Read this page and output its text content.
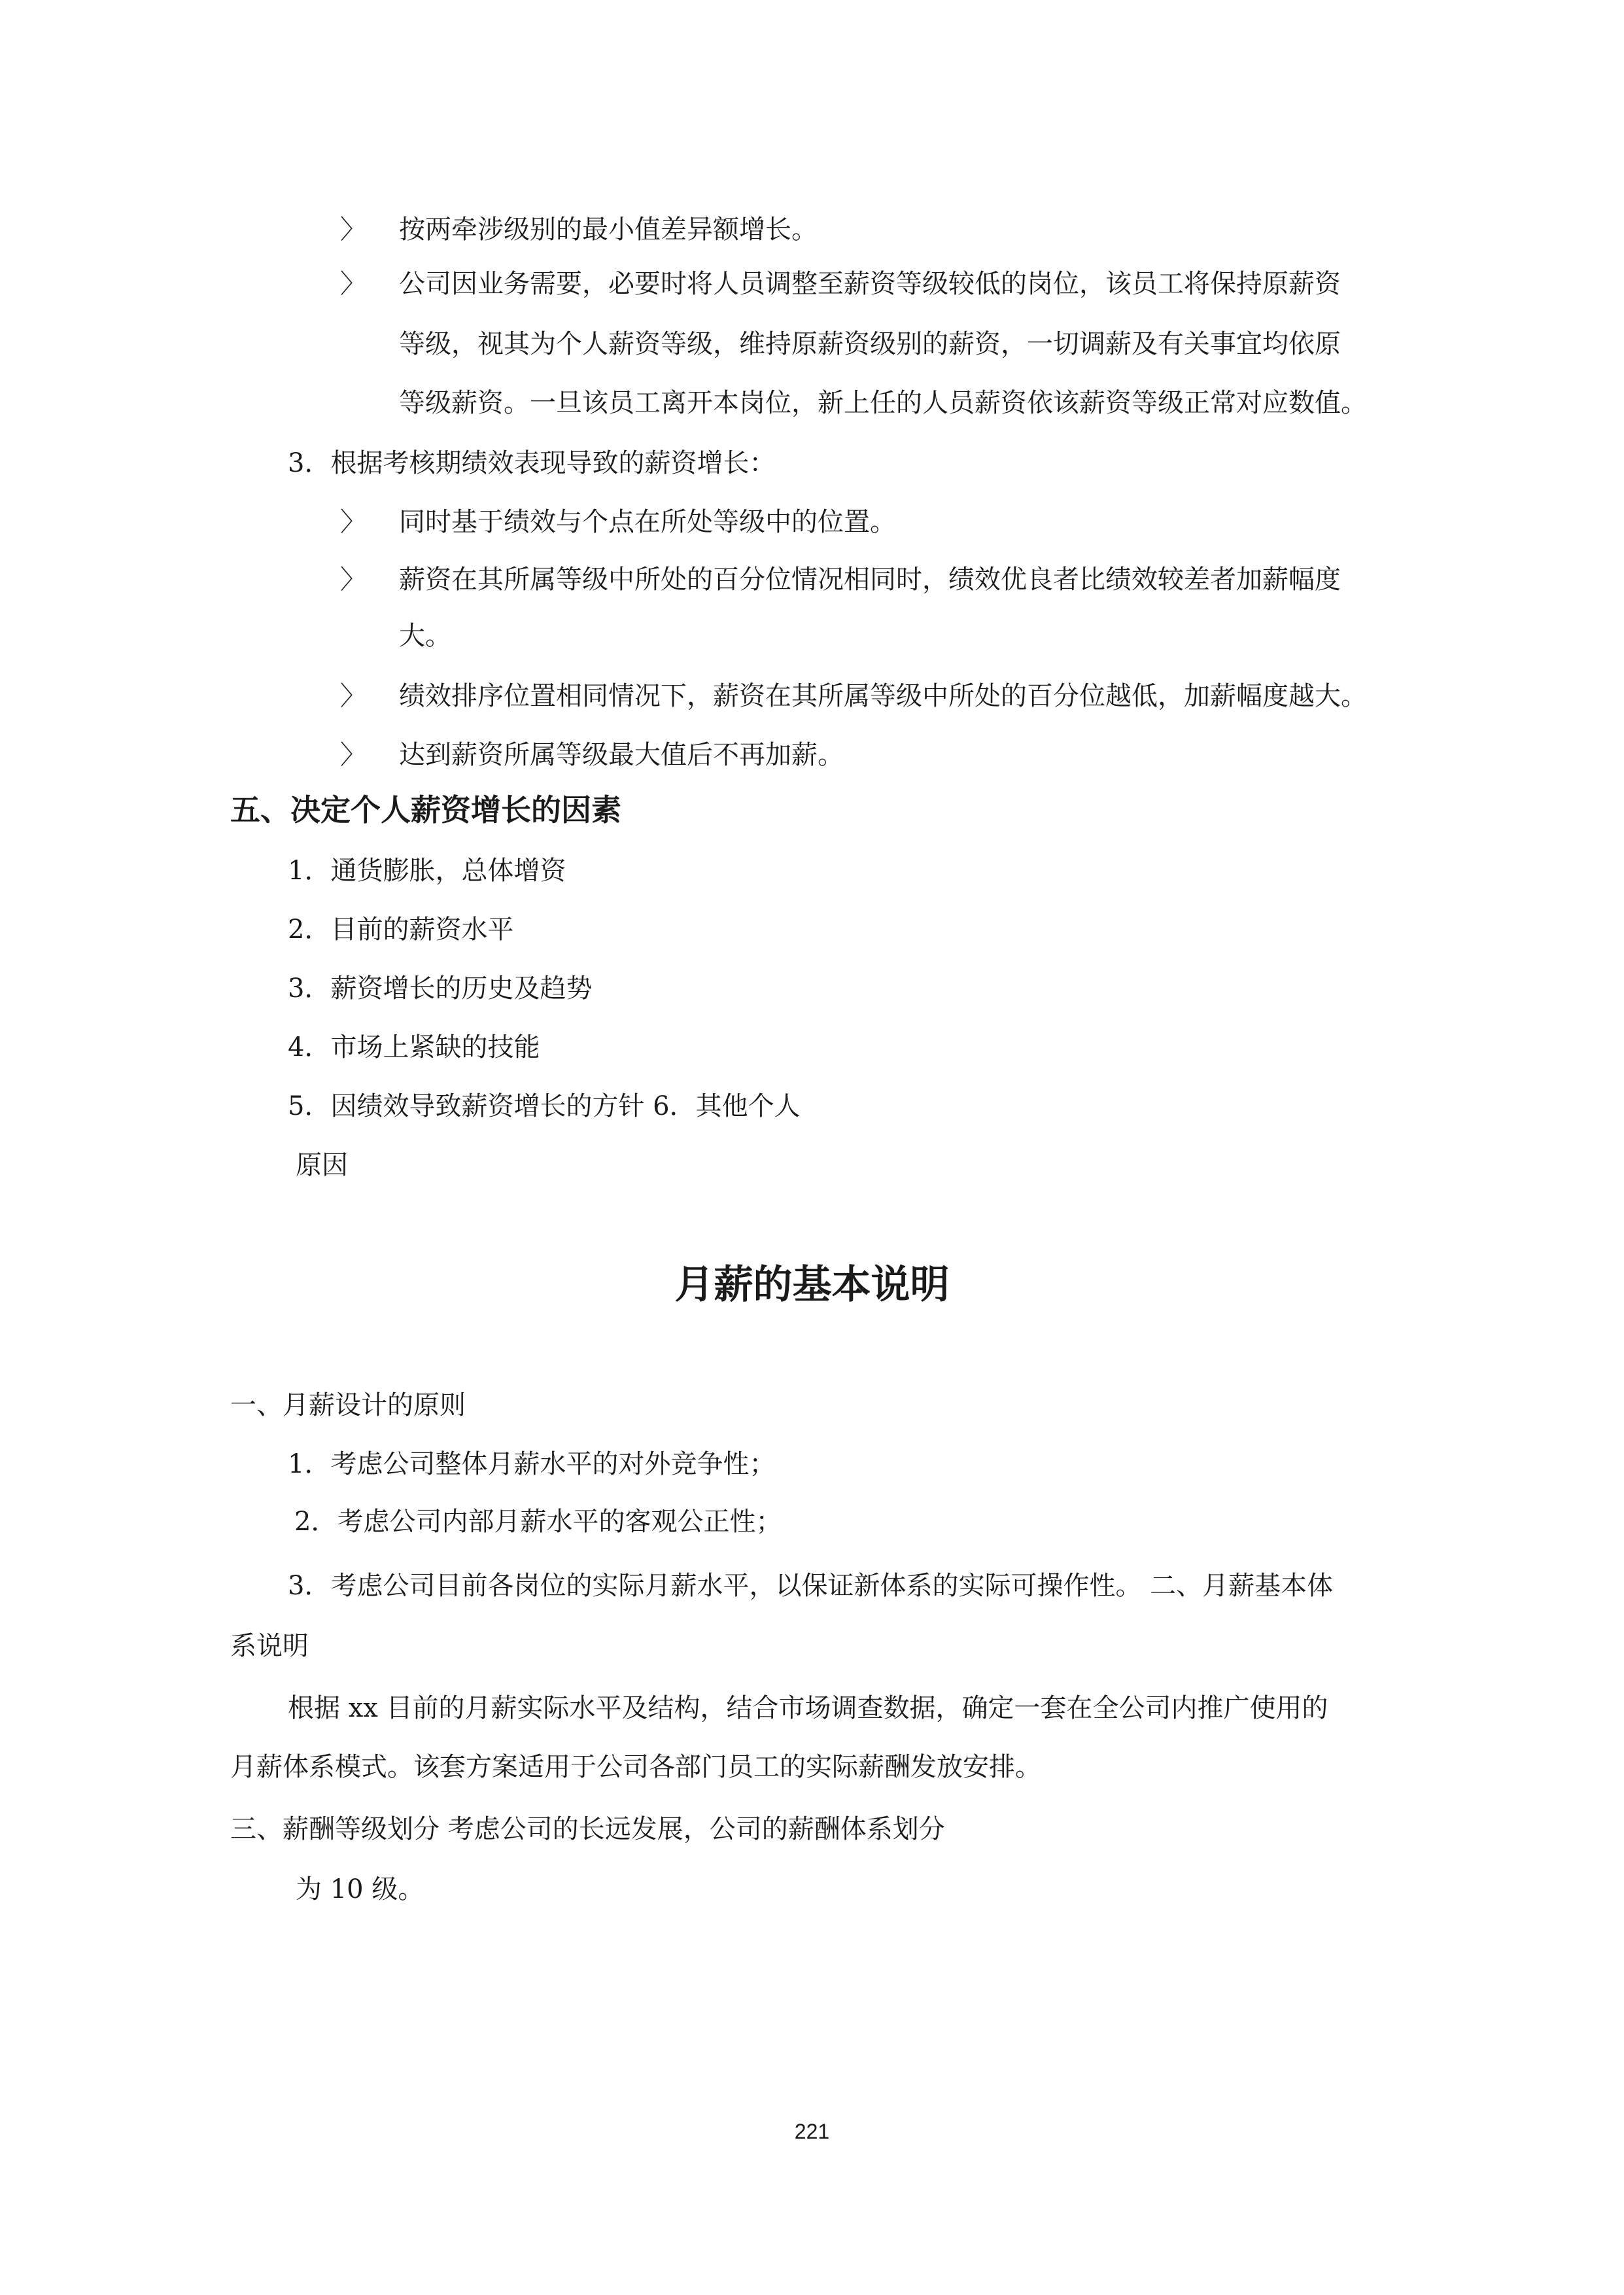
〉 按两牵涉级别的最小值差异额增长。
〉 公司因业务需要，必要时将人员调整至薪资等级较低的岗位，该员工将保持原薪资
等级，视其为个人薪资等级，维持原薪资级别的薪资，一切调薪及有关事宜均依原
等级薪资。一旦该员工离开本岗位，新上任的人员薪资依该薪资等级正常对应数值。
3．根据考核期绩效表现导致的薪资增长：
〉 同时基于绩效与个点在所处等级中的位置。
〉 薪资在其所属等级中所处的百分位情况相同时，绩效优良者比绩效较差者加薪幅度
大。
〉 绩效排序位置相同情况下，薪资在其所属等级中所处的百分位越低，加薪幅度越大。
〉 达到薪资所属等级最大值后不再加薪。
五、决定个人薪资增长的因素
1．通货膨胀，总体增资
2．目前的薪资水平
3．薪资增长的历史及趋势
4．市场上紧缺的技能
5．因绩效导致薪资增长的方针 6．其他个人
原因
月薪的基本说明
一、月薪设计的原则
1．考虑公司整体月薪水平的对外竞争性；
2．考虑公司内部月薪水平的客观公正性；
3．考虑公司目前各岗位的实际月薪水平，以保证新体系的实际可操作性。 二、月薪基本体
系说明
根据 xx 目前的月薪实际水平及结构，结合市场调查数据，确定一套在全公司内推广使用的
月薪体系模式。该套方案适用于公司各部门员工的实际薪酬发放安排。
三、薪酬等级划分 考虑公司的长远发展，公司的薪酬体系划分
为 10 级。
221
